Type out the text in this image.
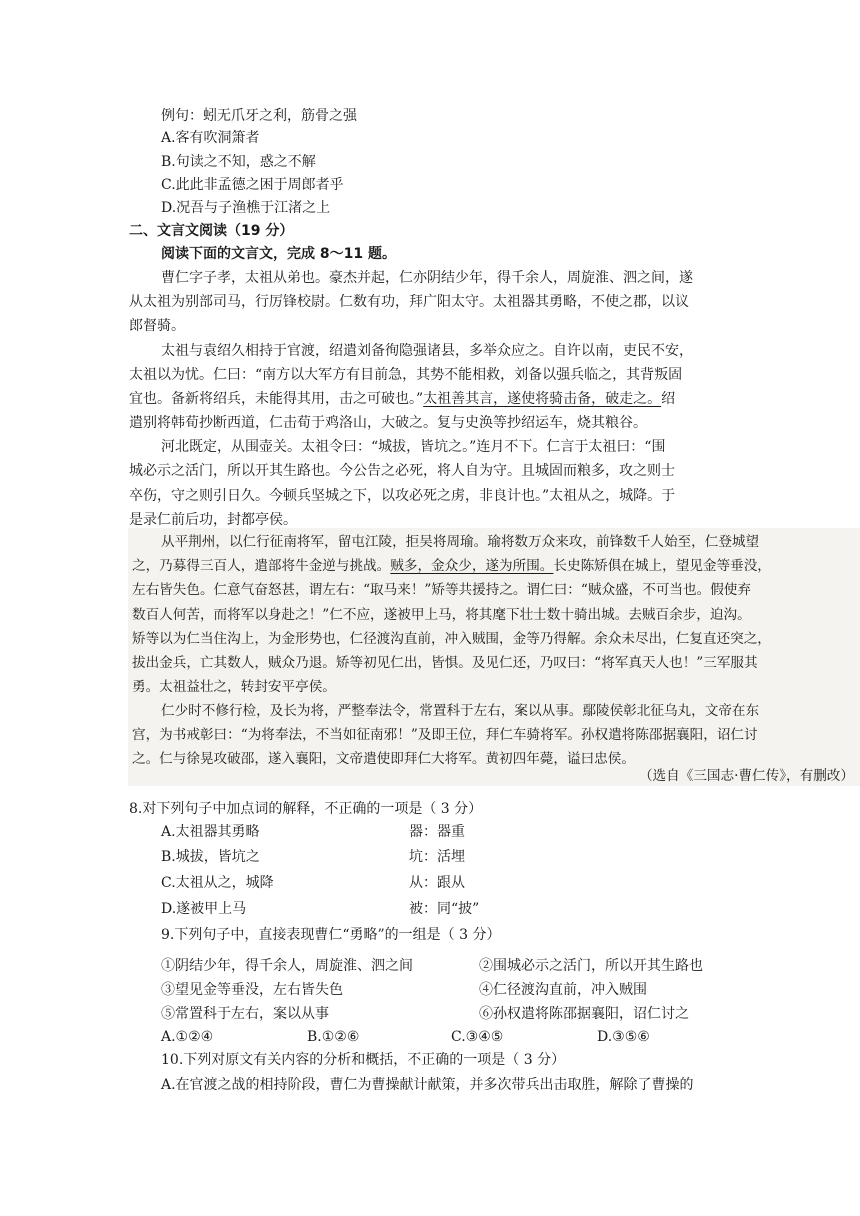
例句：蚓无爪牙之利，筋骨之强
A.客有吹洞箫者
B.句读之不知，惑之不解
C.此此非孟德之困于周郎者乎
D.况吾与子渔樵于江渚之上
二、文言文阅读（19 分）
阅读下面的文言文，完成 8～11 题。
曹仁字子孝，太祖从弟也。豪杰并起，仁亦阴结少年，得千余人，周旋淮、泗之间，遂
从太祖为别部司马，行厉锋校尉。仁数有功，拜广阳太守。太祖器其勇略，不使之郡，以议
郎督骑。
太祖与袁绍久相持于官渡，绍遣刘备徇隐强诸县，多举众应之。自许以南，吏民不安，
太祖以为忧。仁曰：“南方以大军方有目前急，其势不能相救，刘备以强兵临之，其背叛固
宜也。备新将绍兵，未能得其用，击之可破也。”太祖善其言，遂使将骑击备，破走之。绍
遣别将韩荀抄断西道，仁击荀于鸡洛山，大破之。复与史涣等抄绍运车，烧其粮谷。
河北既定，从围壶关。太祖令曰：“城拔，皆坑之。”连月不下。仁言于太祖曰：“围
城必示之活门，所以开其生路也。今公告之必死，将人自为守。且城固而粮多，攻之则士
卒伤，守之则引日久。今顿兵坚城之下，以攻必死之虏，非良计也。”太祖从之，城降。于
是录仁前后功，封都亭侯。
从平荆州，以仁行征南将军，留屯江陵，拒吴将周瑜。瑜将数万众来攻，前锋数千人始至，仁登城望
之，乃募得三百人，遣部将牛金逆与挑战。贼多，金众少，遂为所围。长史陈矫俱在城上，望见金等垂没，
左右皆失色。仁意气奋怒甚，谓左右：“取马来！”矫等共援持之。谓仁曰：“贼众盛，不可当也。假使弃
数百人何苦，而将军以身赴之！”仁不应，遂被甲上马，将其麾下壮士数十骑出城。去贼百余步，迫沟。
矫等以为仁当住沟上，为金形势也，仁径渡沟直前，冲入贼围，金等乃得解。余众未尽出，仁复直还突之，
拔出金兵，亡其数人，贼众乃退。矫等初见仁出，皆惧。及见仁还，乃叹曰：“将军真天人也！”三军服其
勇。太祖益壮之，转封安平亭侯。
仁少时不修行检，及长为将，严整奉法令，常置科于左右，案以从事。鄢陵侯彰北征乌丸，文帝在东
宫，为书戒彰曰：“为将奉法，不当如征南邪！”及即王位，拜仁车骑将军。孙权遣将陈邵据襄阳，诏仁讨
之。仁与徐晃攻破邵，遂入襄阳，文帝遣使即拜仁大将军。黄初四年薨，谥曰忠侯。
（选自《三国志·曹仁传》，有删改）
8.对下列句子中加点词的解释，不正确的一项是（ 3 分）
A.太祖器其勇略	器：器重
B.城拔，皆坑之	坑：活埋
C.太祖从之，城降	从：跟从
D.遂被甲上马	被：同“披”
9.下列句子中，直接表现曹仁“勇略”的一组是（ 3 分）
①阴结少年，得千余人，周旋淮、泗之间	②围城必示之活门，所以开其生路也
③望见金等垂没，左右皆失色	④仁径渡沟直前，冲入贼围
⑤常置科于左右，案以从事	⑥孙权遣将陈邵据襄阳，诏仁讨之
A.①②④	B.①②⑥	C.③④⑤	D.③⑤⑥
10.下列对原文有关内容的分析和概括，不正确的一项是（ 3 分）
A.在官渡之战的相持阶段，曹仁为曹操献计献策，并多次带兵出击取胜，解除了曹操的
